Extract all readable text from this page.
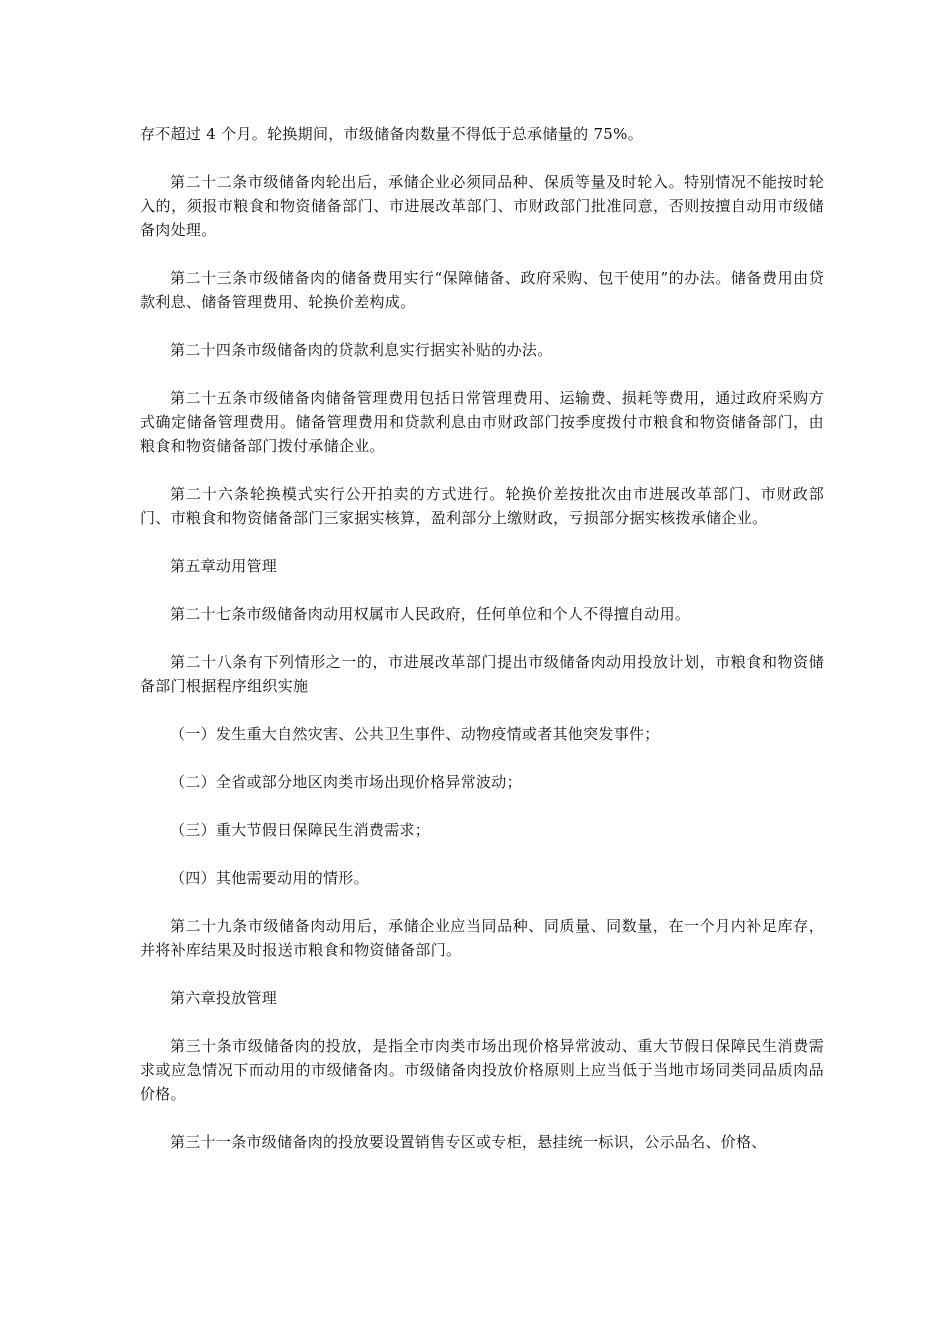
存不超过 4 个月。轮换期间，市级储备肉数量不得低于总承储量的 75%。

第二十二条市级储备肉轮出后，承储企业必须同品种、保质等量及时轮入。特别情况不能按时轮入的，须报市粮食和物资储备部门、市进展改革部门、市财政部门批准同意，否则按擅自动用市级储备肉处理。

第二十三条市级储备肉的储备费用实行“保障储备、政府采购、包干使用”的办法。储备费用由贷款利息、储备管理费用、轮换价差构成。

第二十四条市级储备肉的贷款利息实行据实补贴的办法。

第二十五条市级储备肉储备管理费用包括日常管理费用、运输费、损耗等费用，通过政府采购方式确定储备管理费用。储备管理费用和贷款利息由市财政部门按季度拨付市粮食和物资储备部门，由粮食和物资储备部门拨付承储企业。

第二十六条轮换模式实行公开拍卖的方式进行。轮换价差按批次由市进展改革部门、市财政部门、市粮食和物资储备部门三家据实核算，盈利部分上缴财政，亏损部分据实核拨承储企业。

第五章动用管理

第二十七条市级储备肉动用权属市人民政府，任何单位和个人不得擅自动用。

第二十八条有下列情形之一的，市进展改革部门提出市级储备肉动用投放计划，市粮食和物资储备部门根据程序组织实施

（一）发生重大自然灾害、公共卫生事件、动物疫情或者其他突发事件；

（二）全省或部分地区肉类市场出现价格异常波动；

（三）重大节假日保障民生消费需求；

（四）其他需要动用的情形。

第二十九条市级储备肉动用后，承储企业应当同品种、同质量、同数量，在一个月内补足库存，并将补库结果及时报送市粮食和物资储备部门。

第六章投放管理

第三十条市级储备肉的投放，是指全市肉类市场出现价格异常波动、重大节假日保障民生消费需求或应急情况下而动用的市级储备肉。市级储备肉投放价格原则上应当低于当地市场同类同品质肉品价格。

第三十一条市级储备肉的投放要设置销售专区或专柜，悬挂统一标识，公示品名、价格、
